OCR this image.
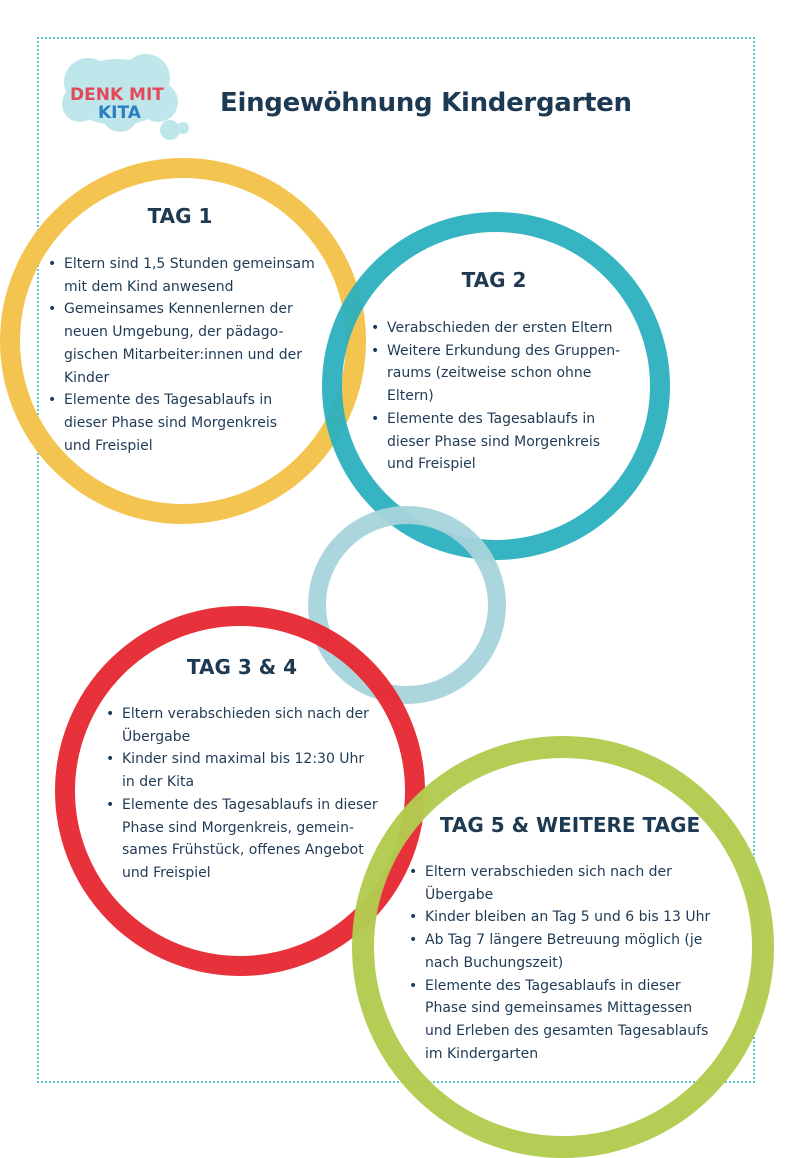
DENK MIT
KITA	Eingewöhnung Kindergarten
TAG 1
• Eltern sind 1,5 Stunden gemeinsam
mit dem Kind anwesend
• Gemeinsames Kennenlernen der
neuen Umgebung, der pädago-
gischen Mitarbeiter:innen und der
Kinder
• Elemente des Tagesablaufs in
dieser Phase sind Morgenkreis
und Freispiel
TAG 2
• Verabschieden der ersten Eltern
• Weitere Erkundung des Gruppen-
raums (zeitweise schon ohne
Eltern)
• Elemente des Tagesablaufs in
dieser Phase sind Morgenkreis
und Freispiel
TAG 3 & 4
• Eltern verabschieden sich nach der
Übergabe
• Kinder sind maximal bis 12:30 Uhr
in der Kita
• Elemente des Tagesablaufs in dieser
Phase sind Morgenkreis, gemein-
sames Frühstück, offenes Angebot
und Freispiel
TAG 5 & WEITERE TAGE
• Eltern verabschieden sich nach der
Übergabe
• Kinder bleiben an Tag 5 und 6 bis 13 Uhr
• Ab Tag 7 längere Betreuung möglich (je
nach Buchungszeit)
• Elemente des Tagesablaufs in dieser
Phase sind gemeinsames Mittagessen
und Erleben des gesamten Tagesablaufs
im Kindergarten
